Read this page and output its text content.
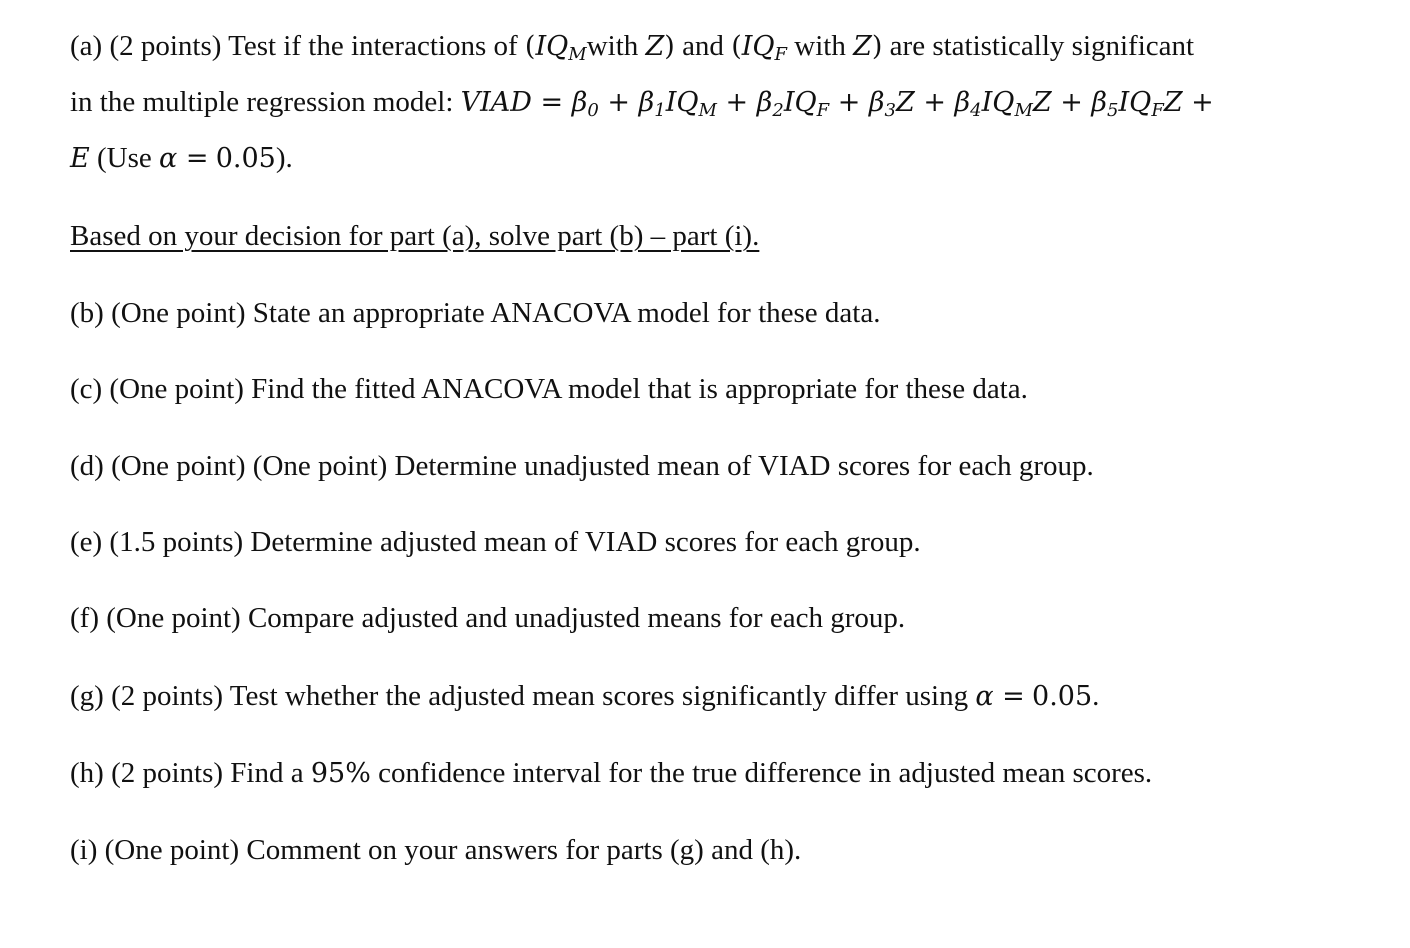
(a) (2 points) Test if the interactions of ($IQ_Mwith$ Z) and ($IQ_F$ with Z) are statistically significant
in the multiple regression model: VIAD = $\beta_0 + \beta_1IQ_M + \beta_2IQ_F + \beta_3Z + \beta_4IQ_MZ + \beta_5IQ_FZ$ +
E (Use α = 0.05).
Based on your decision for part (a), solve part (b) – part (i).
(b) (One point) State an appropriate ANACOVA model for these data.
(c) (One point) Find the fitted ANACOVA model that is appropriate for these data.
(d) (One point) (One point) Determine unadjusted mean of VIAD scores for each group.
(e) (1.5 points) Determine adjusted mean of VIAD scores for each group.
(f) (One point) Compare adjusted and unadjusted means for each group.
(g) (2 points) Test whether the adjusted mean scores significantly differ using α = 0.05.
(h) (2 points) Find a 95% confidence interval for the true difference in adjusted mean scores.
(i) (One point) Comment on your answers for parts (g) and (h).
